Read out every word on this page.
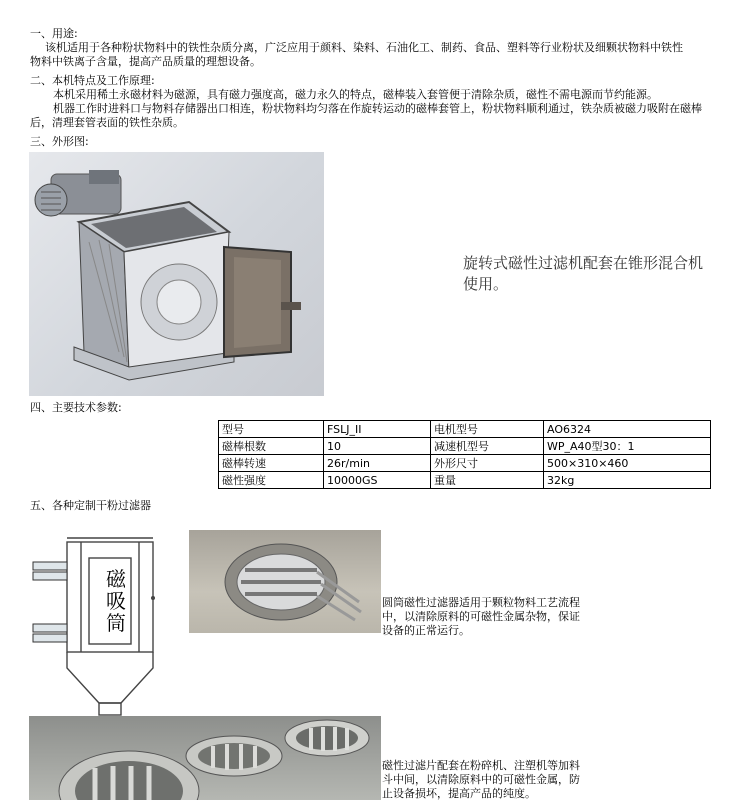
一、用途:
该机适用于各种粉状物料中的铁性杂质分离，广泛应用于颜料、染料、石油化工、制药、食品、塑料等行业粉状及细颗状物料中铁性
物料中铁离子含量，提高产品质量的理想设备。
二、本机特点及工作原理:
本机采用稀土永磁材料为磁源，具有磁力强度高，磁力永久的特点，磁棒装入套管便于清除杂质，磁性不需电源而节约能源。
机器工作时进料口与物料存储器出口相连，粉状物料均匀落在作旋转运动的磁棒套管上，粉状物料顺利通过，铁杂质被磁力吸附在磁棒
后，清理套管表面的铁性杂质。
三、外形图:
旋转式磁性过滤机配套在锥形混合机
使用。
四、主要技术参数:
型号	FSLJ_II	电机型号	AO6324
磁棒根数	10	减速机型号	WP_A40型30：1
磁棒转速	26r/min	外形尺寸	500×310×460
磁性强度	10000GS	重量	32kg
五、各种定制干粉过滤器
磁
吸
筒
圆筒磁性过滤器适用于颗粒物料工艺流程
中，以清除原料的可磁性金属杂物，保证
设备的正常运行。
磁性过滤片配套在粉碎机、注塑机等加料
斗中间，以清除原料中的可磁性金属，防
止设备损坏，提高产品的纯度。
